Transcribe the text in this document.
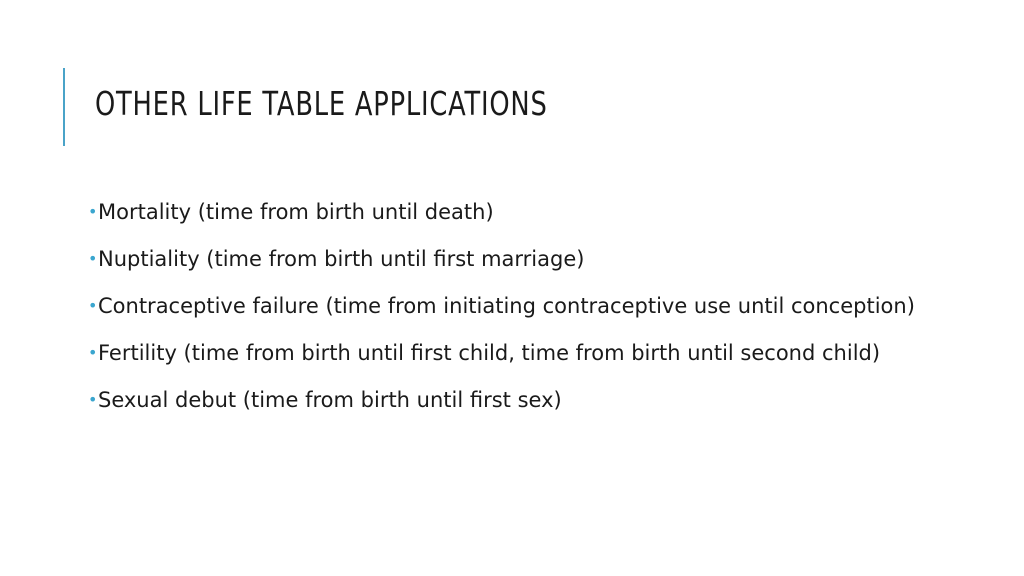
OTHER LIFE TABLE APPLICATIONS
• Mortality (time from birth until death)
• Nuptiality (time from birth until first marriage)
• Contraceptive failure (time from initiating contraceptive use until conception)
• Fertility (time from birth until first child, time from birth until second child)
• Sexual debut (time from birth until first sex)
